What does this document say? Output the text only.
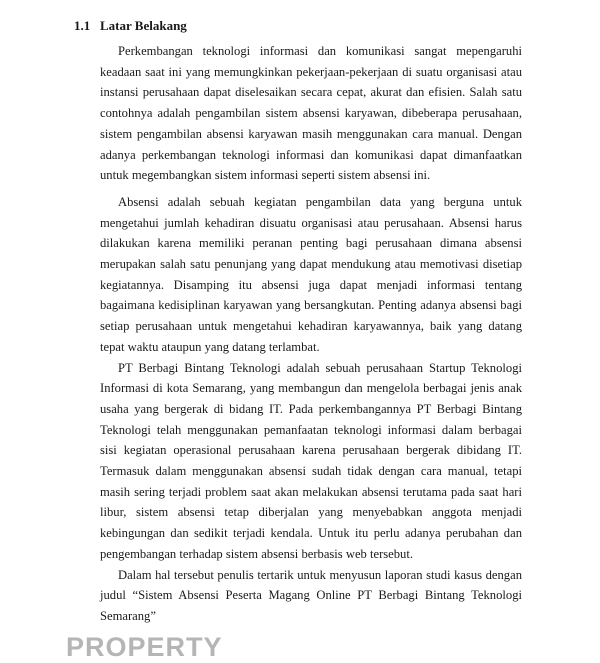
1.1 Latar Belakang

Perkembangan teknologi informasi dan komunikasi sangat mepengaruhi keadaan saat ini yang memungkinkan pekerjaan-pekerjaan di suatu organisasi atau instansi perusahaan dapat diselesaikan secara cepat, akurat dan efisien. Salah satu contohnya adalah pengambilan sistem absensi karyawan, dibeberapa perusahaan, sistem pengambilan absensi karyawan masih menggunakan cara manual. Dengan adanya perkembangan teknologi informasi dan komunikasi dapat dimanfaatkan untuk megembangkan sistem informasi seperti sistem absensi ini.

Absensi adalah sebuah kegiatan pengambilan data yang berguna untuk mengetahui jumlah kehadiran disuatu organisasi atau perusahaan. Absensi harus dilakukan karena memiliki peranan penting bagi perusahaan dimana absensi merupakan salah satu penunjang yang dapat mendukung atau memotivasi disetiap kegiatannya. Disamping itu absensi juga dapat menjadi informasi tentang bagaimana kedisiplinan karyawan yang bersangkutan. Penting adanya absensi bagi setiap perusahaan untuk mengetahui kehadiran karyawannya, baik yang datang tepat waktu ataupun yang datang terlambat.

PT Berbagi Bintang Teknologi adalah sebuah perusahaan Startup Teknologi Informasi di kota Semarang, yang membangun dan mengelola berbagai jenis anak usaha yang bergerak di bidang IT. Pada perkembangannya PT Berbagi Bintang Teknologi telah menggunakan pemanfaatan teknologi informasi dalam berbagai sisi kegiatan operasional perusahaan karena perusahaan bergerak dibidang IT. Termasuk dalam menggunakan absensi sudah tidak dengan cara manual, tetapi masih sering terjadi problem saat akan melakukan absensi terutama pada saat hari libur, sistem absensi tetap diberjalan yang menyebabkan anggota menjadi kebingungan dan sedikit terjadi kendala. Untuk itu perlu adanya perubahan dan pengembangan terhadap sistem absensi berbasis web tersebut.

Dalam hal tersebut penulis tertarik untuk menyusun laporan studi kasus dengan judul “Sistem Absensi Peserta Magang Online PT Berbagi Bintang Teknologi Semarang”

PROPERTY
